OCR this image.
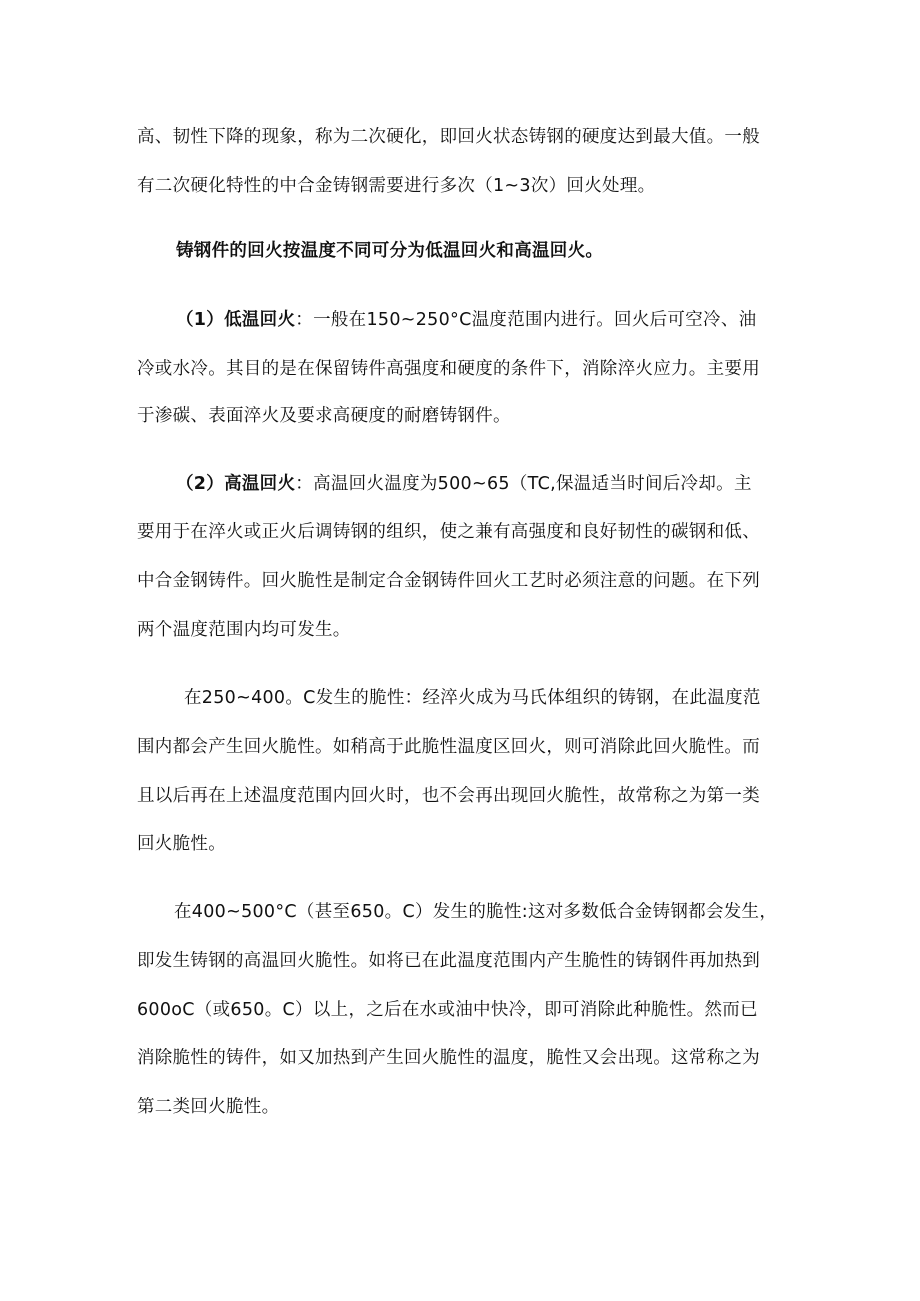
高、韧性下降的现象，称为二次硬化，即回火状态铸钢的硬度达到最大值。一般
有二次硬化特性的中合金铸钢需要进行多次（1~3次）回火处理。
铸钢件的回火按温度不同可分为低温回火和高温回火。
（1）低温回火：一般在150~250°C温度范围内进行。回火后可空冷、油
冷或水冷。其目的是在保留铸件高强度和硬度的条件下，消除淬火应力。主要用
于渗碳、表面淬火及要求高硬度的耐磨铸钢件。
（2）高温回火：高温回火温度为500~65（TC,保温适当时间后冷却。主
要用于在淬火或正火后调铸钢的组织，使之兼有高强度和良好韧性的碳钢和低、
中合金钢铸件。回火脆性是制定合金钢铸件回火工艺时必须注意的问题。在下列
两个温度范围内均可发生。
在250~400。C发生的脆性：经淬火成为马氏体组织的铸钢，在此温度范
围内都会产生回火脆性。如稍高于此脆性温度区回火，则可消除此回火脆性。而
且以后再在上述温度范围内回火时，也不会再出现回火脆性，故常称之为第一类
回火脆性。
在400~500°C（甚至650。C）发生的脆性:这对多数低合金铸钢都会发生，
即发生铸钢的高温回火脆性。如将已在此温度范围内产生脆性的铸钢件再加热到
600oC（或650。C）以上，之后在水或油中快冷，即可消除此种脆性。然而已
消除脆性的铸件，如又加热到产生回火脆性的温度，脆性又会出现。这常称之为
第二类回火脆性。
